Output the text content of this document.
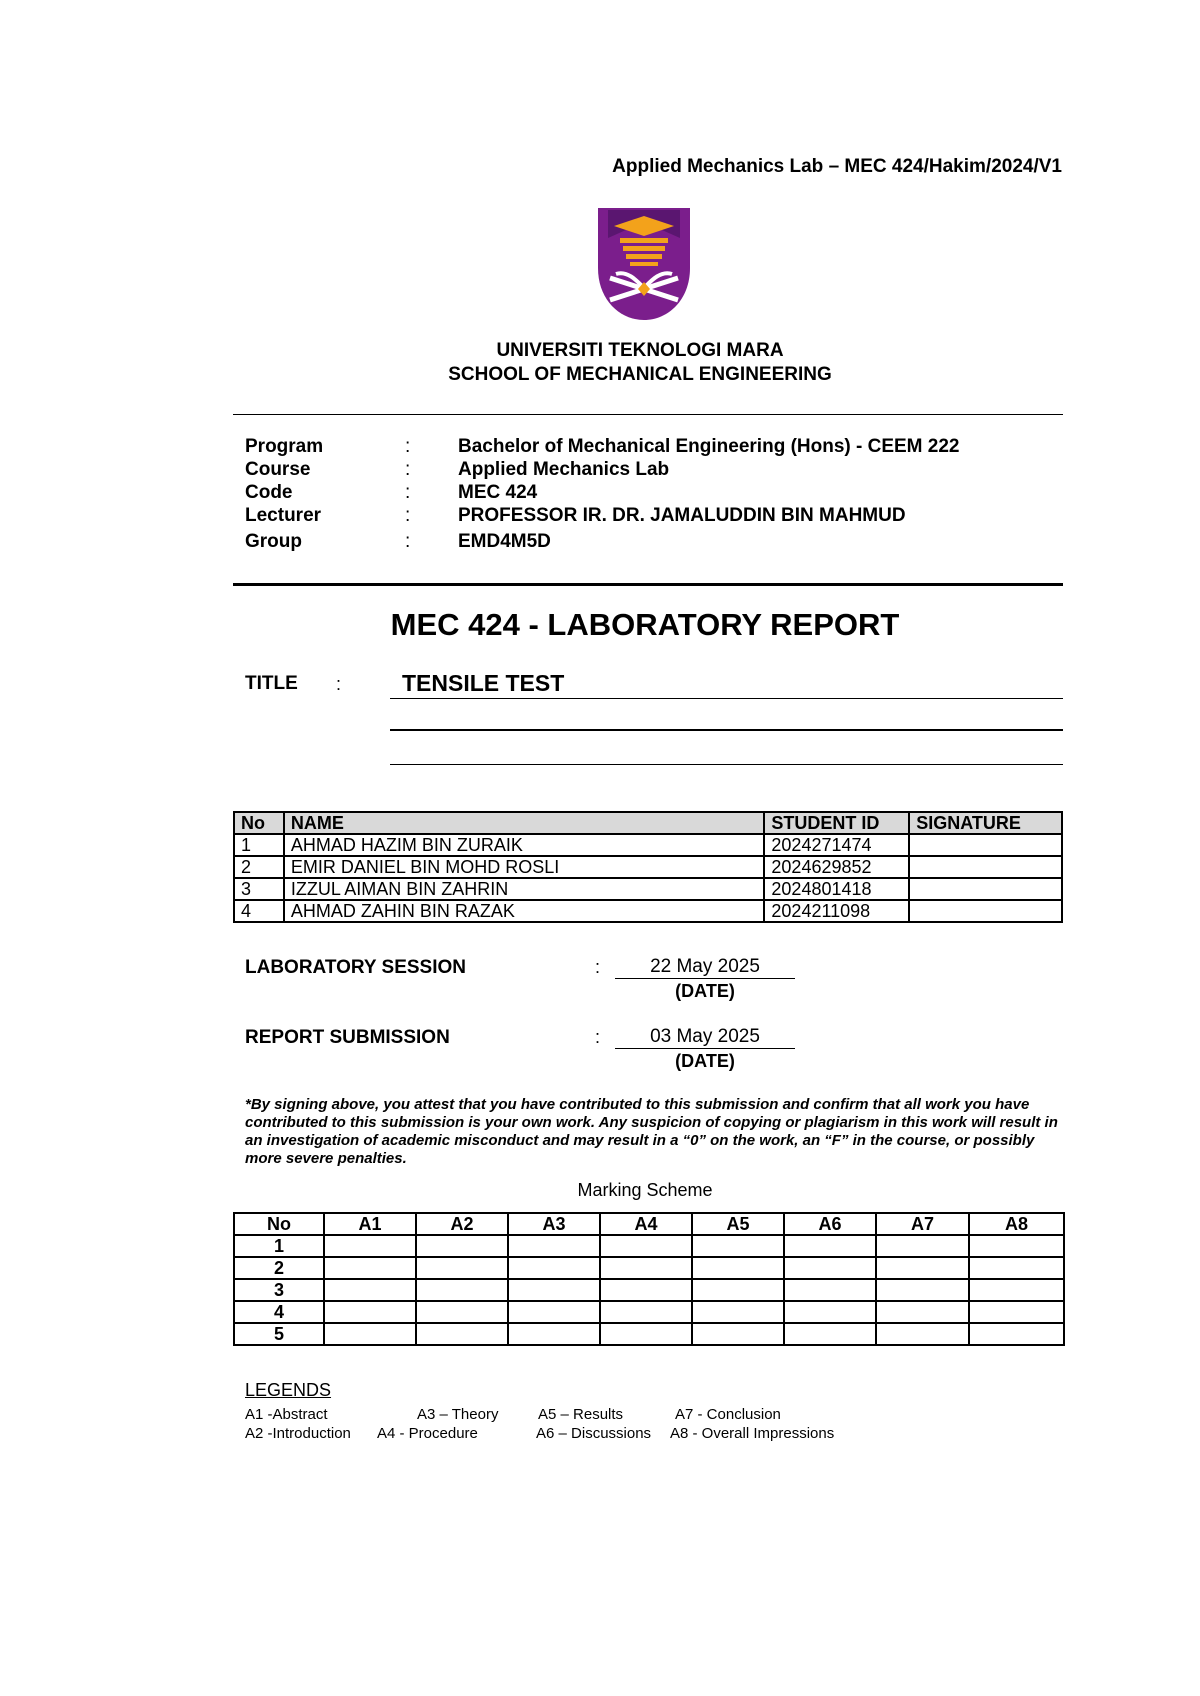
Applied Mechanics Lab – MEC 424/Hakim/2024/V1
UNIVERSITI TEKNOLOGI MARA
SCHOOL OF MECHANICAL ENGINEERING
Program	:	Bachelor of Mechanical Engineering (Hons) - CEEM 222
Course	:	Applied Mechanics Lab
Code	:	MEC 424
Lecturer	:	PROFESSOR IR. DR. JAMALUDDIN BIN MAHMUD
Group	:	EMD4M5D
MEC 424 - LABORATORY REPORT
TITLE :	TENSILE TEST
No	NAME	STUDENT ID	SIGNATURE
1	AHMAD HAZIM BIN ZURAIK	2024271474	
2	EMIR DANIEL BIN MOHD ROSLI	2024629852	
3	IZZUL AIMAN BIN ZAHRIN	2024801418	
4	AHMAD ZAHIN BIN RAZAK	2024211098	
LABORATORY SESSION	:	22 May 2025
(DATE)
REPORT SUBMISSION	:	03 May 2025
(DATE)
*By signing above, you attest that you have contributed to this submission and confirm that all work you have contributed to this submission is your own work. Any suspicion of copying or plagiarism in this work will result in an investigation of academic misconduct and may result in a “0” on the work, an “F” in the course, or possibly more severe penalties.
Marking Scheme
No	A1	A2	A3	A4	A5	A6	A7	A8
1								
2								
3								
4								
5								
LEGENDS
A1 -Abstract	A3 – Theory	A5 – Results	A7 - Conclusion
A2 -Introduction A4 - Procedure	A6 – Discussions A8 - Overall Impressions
